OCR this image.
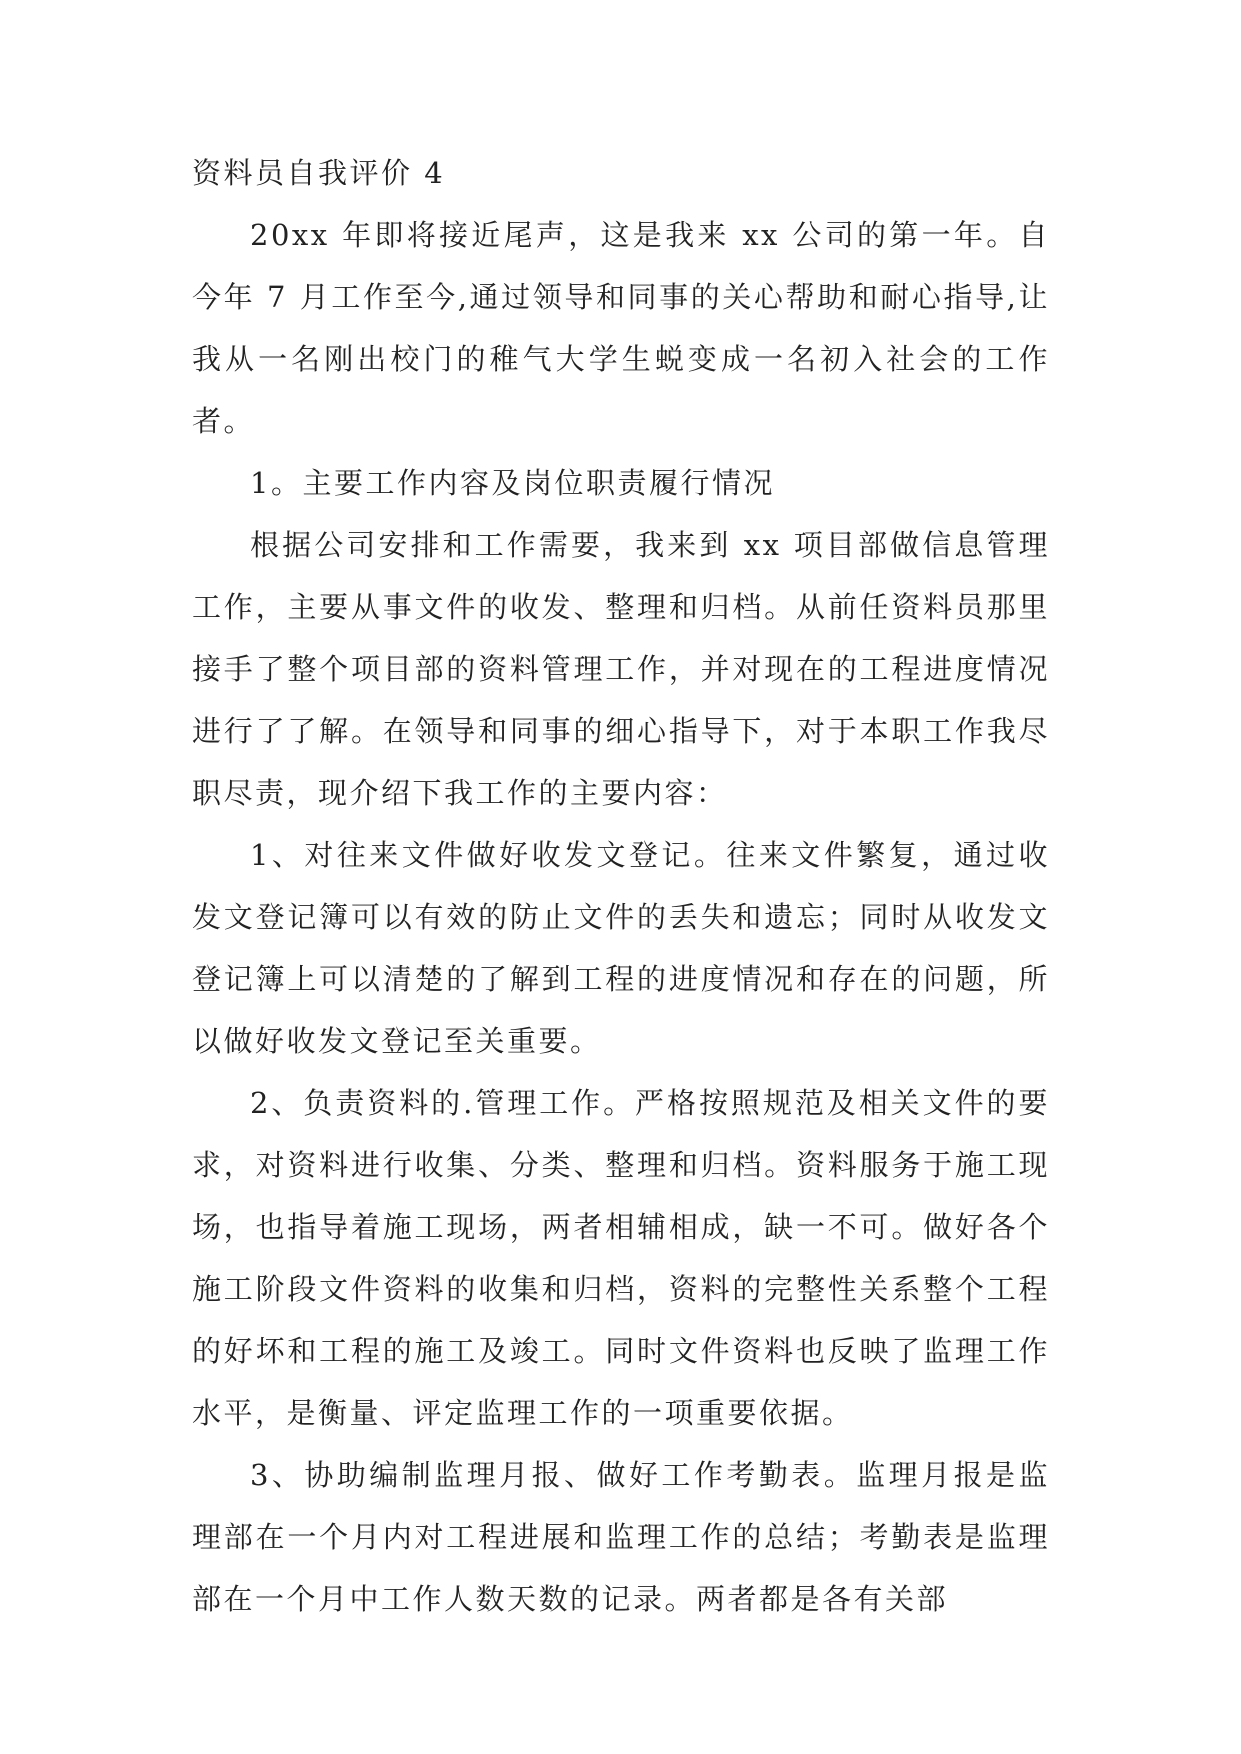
资料员自我评价 4

20xx 年即将接近尾声，这是我来 xx 公司的第一年。自今年 7 月工作至今,通过领导和同事的关心帮助和耐心指导,让我从一名刚出校门的稚气大学生蜕变成一名初入社会的工作者。

1。主要工作内容及岗位职责履行情况

根据公司安排和工作需要，我来到 xx 项目部做信息管理工作，主要从事文件的收发、整理和归档。从前任资料员那里接手了整个项目部的资料管理工作，并对现在的工程进度情况进行了了解。在领导和同事的细心指导下，对于本职工作我尽职尽责，现介绍下我工作的主要内容：

1、对往来文件做好收发文登记。往来文件繁复，通过收发文登记簿可以有效的防止文件的丢失和遗忘；同时从收发文登记簿上可以清楚的了解到工程的进度情况和存在的问题，所以做好收发文登记至关重要。

2、负责资料的.管理工作。严格按照规范及相关文件的要求，对资料进行收集、分类、整理和归档。资料服务于施工现场，也指导着施工现场，两者相辅相成，缺一不可。做好各个施工阶段文件资料的收集和归档，资料的完整性关系整个工程的好坏和工程的施工及竣工。同时文件资料也反映了监理工作水平，是衡量、评定监理工作的一项重要依据。

3、协助编制监理月报、做好工作考勤表。监理月报是监理部在一个月内对工程进展和监理工作的总结；考勤表是监理部在一个月中工作人数天数的记录。两者都是各有关部
